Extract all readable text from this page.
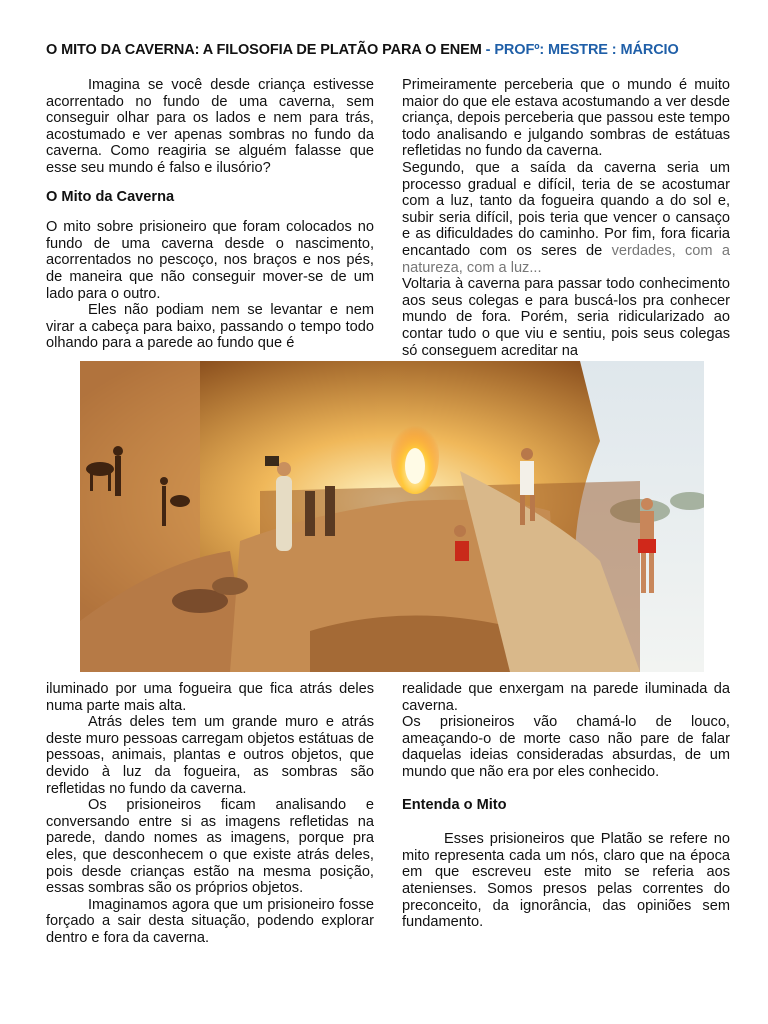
O MITO DA CAVERNA: A FILOSOFIA DE PLATÃO PARA O ENEM - PROFº: MESTRE : MÁRCIO

Imagina se você desde criança estivesse acorrentado no fundo de uma caverna, sem conseguir olhar para os lados e nem para trás, acostumado e ver apenas sombras no fundo da caverna. Como reagiria se alguém falasse que esse seu mundo é falso e ilusório?

O Mito da Caverna

O mito sobre prisioneiro que foram colocados no fundo de uma caverna desde o nascimento, acorrentados no pescoço, nos braços e nos pés, de maneira que não conseguir mover-se de um lado para o outro.

Eles não podiam nem se levantar e nem virar a cabeça para baixo, passando o tempo todo olhando para a parede ao fundo que é

Primeiramente perceberia que o mundo é muito maior do que ele estava acostumando a ver desde criança, depois perceberia que passou este tempo todo analisando e julgando sombras de estátuas refletidas no fundo da caverna.

Segundo, que a saída da caverna seria um processo gradual e difícil, teria de se acostumar com a luz, tanto da fogueira quando a do sol e, subir seria difícil, pois teria que vencer o cansaço e as dificuldades do caminho. Por fim, fora ficaria encantado com os seres de verdades, com a natureza, com a luz...

Voltaria à caverna para passar todo conhecimento aos seus colegas e para buscá-los pra conhecer mundo de fora. Porém, seria ridicularizado ao contar tudo o que viu e sentiu, pois seus colegas só conseguem acreditar na

iluminado por uma fogueira que fica atrás deles numa parte mais alta.

Atrás deles tem um grande muro e atrás deste muro pessoas carregam objetos estátuas de pessoas, animais, plantas e outros objetos, que devido à luz da fogueira, as sombras são refletidas no fundo da caverna.

Os prisioneiros ficam analisando e conversando entre si as imagens refletidas na parede, dando nomes as imagens, porque pra eles, que desconhecem o que existe atrás deles, pois desde crianças estão na mesma posição, essas sombras são os próprios objetos.

Imaginamos agora que um prisioneiro fosse forçado a sair desta situação, podendo explorar dentro e fora da caverna.

realidade que enxergam na parede iluminada da caverna.

Os prisioneiros vão chamá-lo de louco, ameaçando-o de morte caso não pare de falar daquelas ideias consideradas absurdas, de um mundo que não era por eles conhecido.

Entenda o Mito

Esses prisioneiros que Platão se refere no mito representa cada um nós, claro que na época em que escreveu este mito se referia aos atenienses. Somos presos pelas correntes do preconceito, da ignorância, das opiniões sem fundamento.
